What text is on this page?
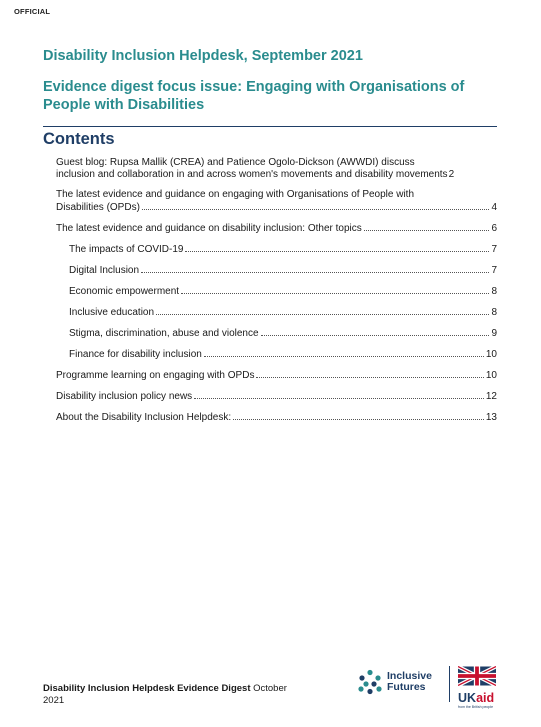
OFFICIAL
Disability Inclusion Helpdesk, September 2021
Evidence digest focus issue: Engaging with Organisations of People with Disabilities
Contents
Guest blog: Rupsa Mallik (CREA) and Patience Ogolo-Dickson (AWWDI) discuss
inclusion and collaboration in and across women's movements and disability movements 2
The latest evidence and guidance on engaging with Organisations of People with
Disabilities (OPDs)	4
The latest evidence and guidance on disability inclusion: Other topics	6
The impacts of COVID-19	7
Digital Inclusion	7
Economic empowerment	8
Inclusive education	8
Stigma, discrimination, abuse and violence	9
Finance for disability inclusion	10
Programme learning on engaging with OPDs	10
Disability inclusion policy news	12
About the Disability Inclusion Helpdesk:	13
Disability Inclusion Helpdesk Evidence Digest October
2021
Inclusive
Futures
UKaid
from the British people
